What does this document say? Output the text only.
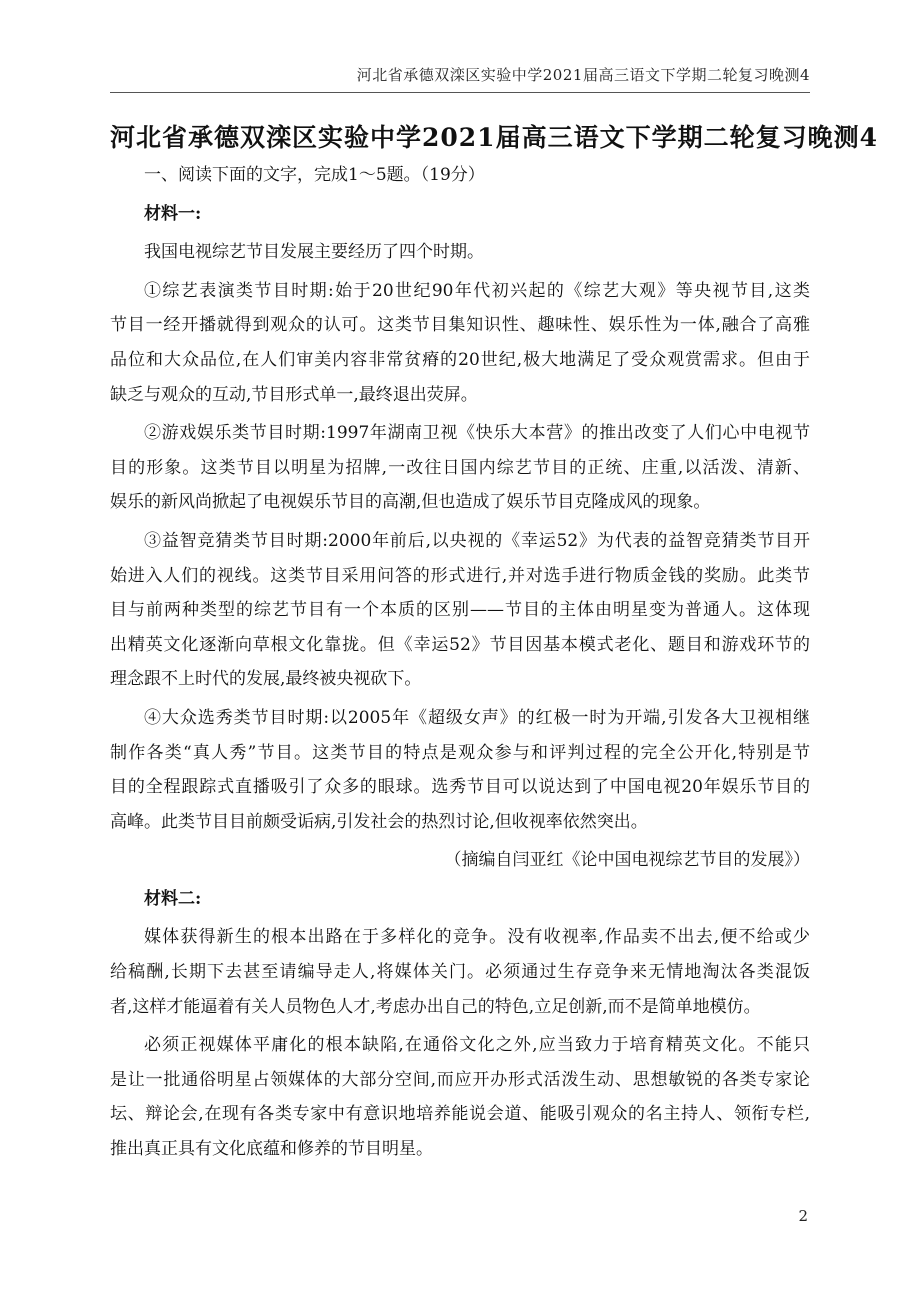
河北省承德双滦区实验中学2021届高三语文下学期二轮复习晚测4
河北省承德双滦区实验中学2021届高三语文下学期二轮复习晚测4
一、阅读下面的文字，完成1～5题。（19分）
材料一:
我国电视综艺节目发展主要经历了四个时期。
①综艺表演类节目时期:始于20世纪90年代初兴起的《综艺大观》等央视节目,这类
节目一经开播就得到观众的认可。这类节目集知识性、趣味性、娱乐性为一体,融合了高雅
品位和大众品位,在人们审美内容非常贫瘠的20世纪,极大地满足了受众观赏需求。但由于
缺乏与观众的互动,节目形式单一,最终退出荧屏。
②游戏娱乐类节目时期:1997年湖南卫视《快乐大本营》的推出改变了人们心中电视节
目的形象。这类节目以明星为招牌,一改往日国内综艺节目的正统、庄重,以活泼、清新、
娱乐的新风尚掀起了电视娱乐节目的高潮,但也造成了娱乐节目克隆成风的现象。
③益智竞猜类节目时期:2000年前后,以央视的《幸运52》为代表的益智竞猜类节目开
始进入人们的视线。这类节目采用问答的形式进行,并对选手进行物质金钱的奖励。此类节
目与前两种类型的综艺节目有一个本质的区别——节目的主体由明星变为普通人。这体现
出精英文化逐渐向草根文化靠拢。但《幸运52》节目因基本模式老化、题目和游戏环节的
理念跟不上时代的发展,最终被央视砍下。
④大众选秀类节目时期:以2005年《超级女声》的红极一时为开端,引发各大卫视相继
制作各类“真人秀”节目。这类节目的特点是观众参与和评判过程的完全公开化,特别是节
目的全程跟踪式直播吸引了众多的眼球。选秀节目可以说达到了中国电视20年娱乐节目的
高峰。此类节目目前颇受诟病,引发社会的热烈讨论,但收视率依然突出。
（摘编自闫亚红《论中国电视综艺节目的发展》）
材料二:
媒体获得新生的根本出路在于多样化的竞争。没有收视率,作品卖不出去,便不给或少
给稿酬,长期下去甚至请编导走人,将媒体关门。必须通过生存竞争来无情地淘汰各类混饭
者,这样才能逼着有关人员物色人才,考虑办出自己的特色,立足创新,而不是简单地模仿。
必须正视媒体平庸化的根本缺陷,在通俗文化之外,应当致力于培育精英文化。不能只
是让一批通俗明星占领媒体的大部分空间,而应开办形式活泼生动、思想敏锐的各类专家论
坛、辩论会,在现有各类专家中有意识地培养能说会道、能吸引观众的名主持人、领衔专栏,
推出真正具有文化底蕴和修养的节目明星。
2
